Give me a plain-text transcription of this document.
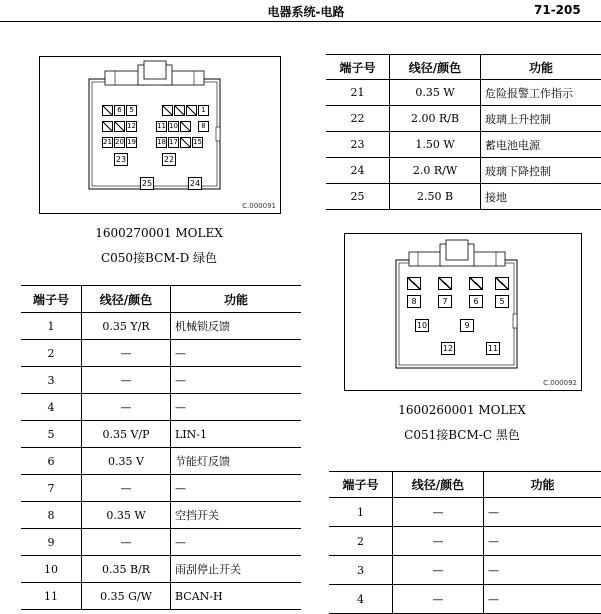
电器系统-电路	71-205
6	5	1
12	11 10	8
21 20 19	18 17 15
23	22
25	24
C.000091
1600270001 MOLEX
C050接BCM-D 绿色
端子号	线径/颜色	功能
1	0.35 Y/R	机械锁反馈
2	—	—
3	—	—
4	—	—
5	0.35 V/P	LIN-1
6	0.35 V	节能灯反馈
7	—	—
8	0.35 W	空挡开关
9	—	—
10	0.35 B/R	雨刮停止开关
11	0.35 G/W	BCAN-H
端子号	线径/颜色	功能
21	0.35 W	危险报警工作指示
22	2.00 R/B	玻璃上升控制
23	1.50 W	蓄电池电源
24	2.0 R/W	玻璃下降控制
25	2.50 B	接地
8	7	6	5
10	9
12	11
C.000092
1600260001 MOLEX
C051接BCM-C 黑色
端子号	线径/颜色	功能
1	—	—
2	—	—
3	—	—
4	—	—
